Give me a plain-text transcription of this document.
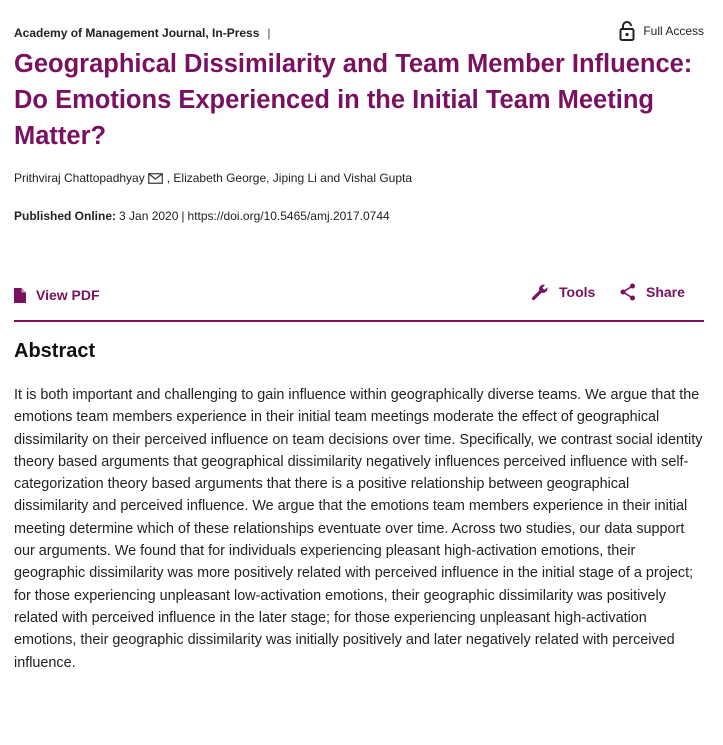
Academy of Management Journal, In-Press |	Full Access
Geographical Dissimilarity and Team Member Influence: Do Emotions Experienced in the Initial Team Meeting Matter?
Prithviraj Chattopadhyay , Elizabeth George, Jiping Li and Vishal Gupta
Published Online: 3 Jan 2020 | https://doi.org/10.5465/amj.2017.0744
View PDF	Tools	Share
Abstract

It is both important and challenging to gain influence within geographically diverse teams. We argue that the emotions team members experience in their initial team meetings moderate the effect of geographical dissimilarity on their perceived influence on team decisions over time. Specifically, we contrast social identity theory based arguments that geographical dissimilarity negatively influences perceived influence with self-categorization theory based arguments that there is a positive relationship between geographical dissimilarity and perceived influence. We argue that the emotions team members experience in their initial meeting determine which of these relationships eventuate over time. Across two studies, our data support our arguments. We found that for individuals experiencing pleasant high-activation emotions, their geographic dissimilarity was more positively related with perceived influence in the initial stage of a project; for those experiencing unpleasant low-activation emotions, their geographic dissimilarity was positively related with perceived influence in the later stage; for those experiencing unpleasant high-activation emotions, their geographic dissimilarity was initially positively and later negatively related with perceived influence.
